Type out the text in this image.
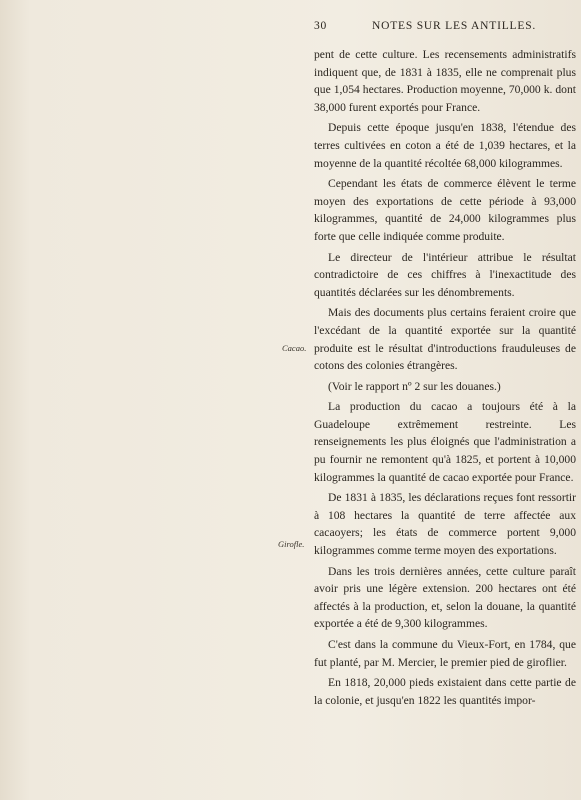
30	NOTES SUR LES ANTILLES.
Cacao.
Girofle.

pent de cette culture. Les recensements administratifs indiquent que, de 1831 à 1835, elle ne comprenait plus que 1,054 hectares. Production moyenne, 70,000 k. dont 38,000 furent exportés pour France.

Depuis cette époque jusqu'en 1838, l'étendue des terres cultivées en coton a été de 1,039 hectares, et la moyenne de la quantité récoltée 68,000 kilogrammes.

Cependant les états de commerce élèvent le terme moyen des exportations de cette période à 93,000 kilogrammes, quantité de 24,000 kilogrammes plus forte que celle indiquée comme produite.

Le directeur de l'intérieur attribue le résultat contradictoire de ces chiffres à l'inexactitude des quantités déclarées sur les dénombrements.

Mais des documents plus certains feraient croire que l'excédant de la quantité exportée sur la quantité produite est le résultat d'introductions frauduleuses de cotons des colonies étrangères.

(Voir le rapport nº 2 sur les douanes.)

La production du cacao a toujours été à la Guadeloupe extrêmement restreinte. Les renseignements les plus éloignés que l'administration a pu fournir ne remontent qu'à 1825, et portent à 10,000 kilogrammes la quantité de cacao exportée pour France.

De 1831 à 1835, les déclarations reçues font ressortir à 108 hectares la quantité de terre affectée aux cacaoyers; les états de commerce portent 9,000 kilogrammes comme terme moyen des exportations.

Dans les trois dernières années, cette culture paraît avoir pris une légère extension. 200 hectares ont été affectés à la production, et, selon la douane, la quantité exportée a été de 9,300 kilogrammes.

C'est dans la commune du Vieux-Fort, en 1784, que fut planté, par M. Mercier, le premier pied de giroflier.

En 1818, 20,000 pieds existaient dans cette partie de la colonie, et jusqu'en 1822 les quantités impor-
